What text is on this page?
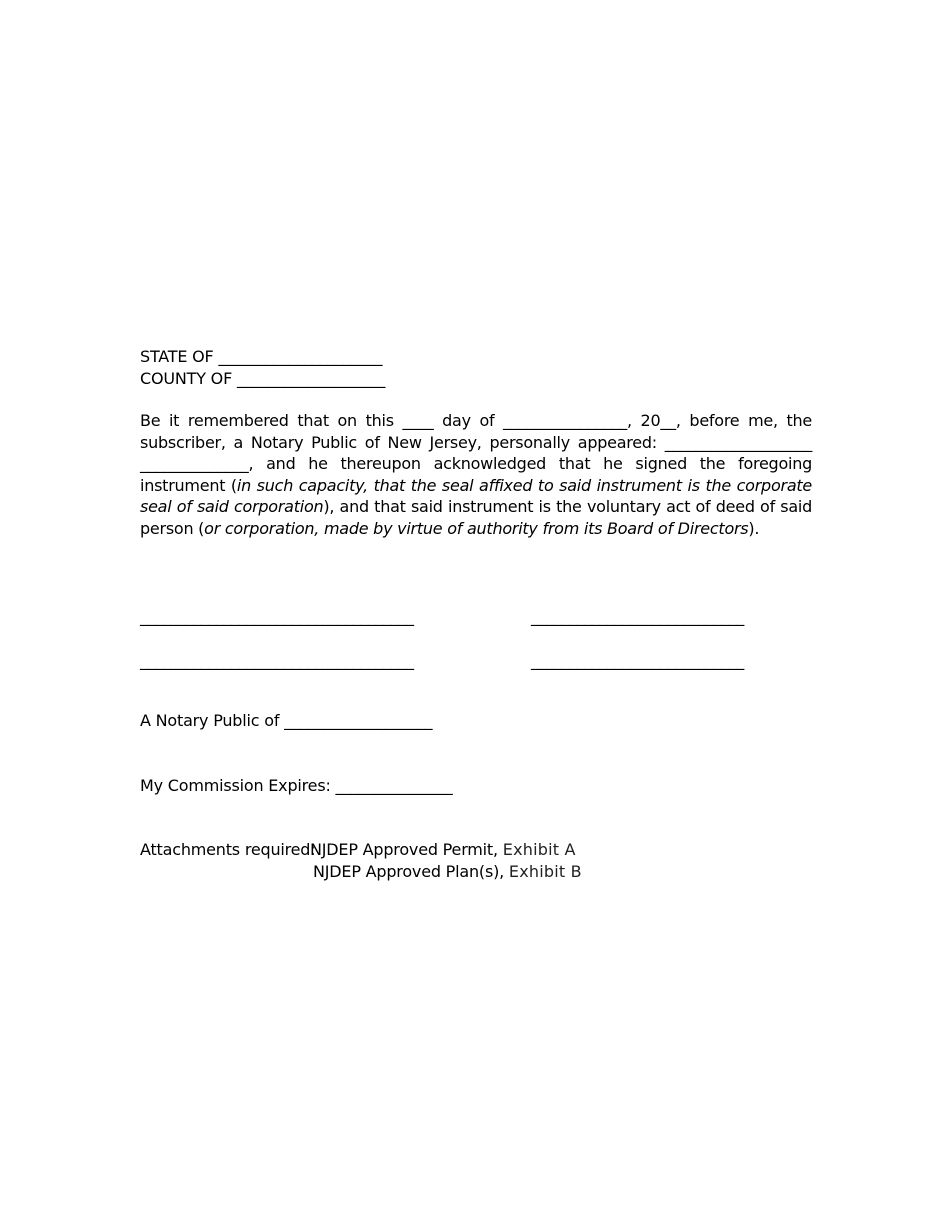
STATE OF _____________________
COUNTY OF ___________________

Be it remembered that on this ____ day of ________________, 20__, before me, the subscriber, a Notary Public of New Jersey, personally appeared: ___________________ ______________, and he thereupon acknowledged that he signed the foregoing instrument (in such capacity, that the seal affixed to said instrument is the corporate seal of said corporation), and that said instrument is the voluntary act of deed of said person (or corporation, made by virtue of authority from its Board of Directors).

____________________________________	____________________________
____________________________________	____________________________
A Notary Public of ___________________
My Commission Expires: _______________
Attachments required:
NJDEP Approved Permit, Exhibit A
NJDEP Approved Plan(s), Exhibit B
